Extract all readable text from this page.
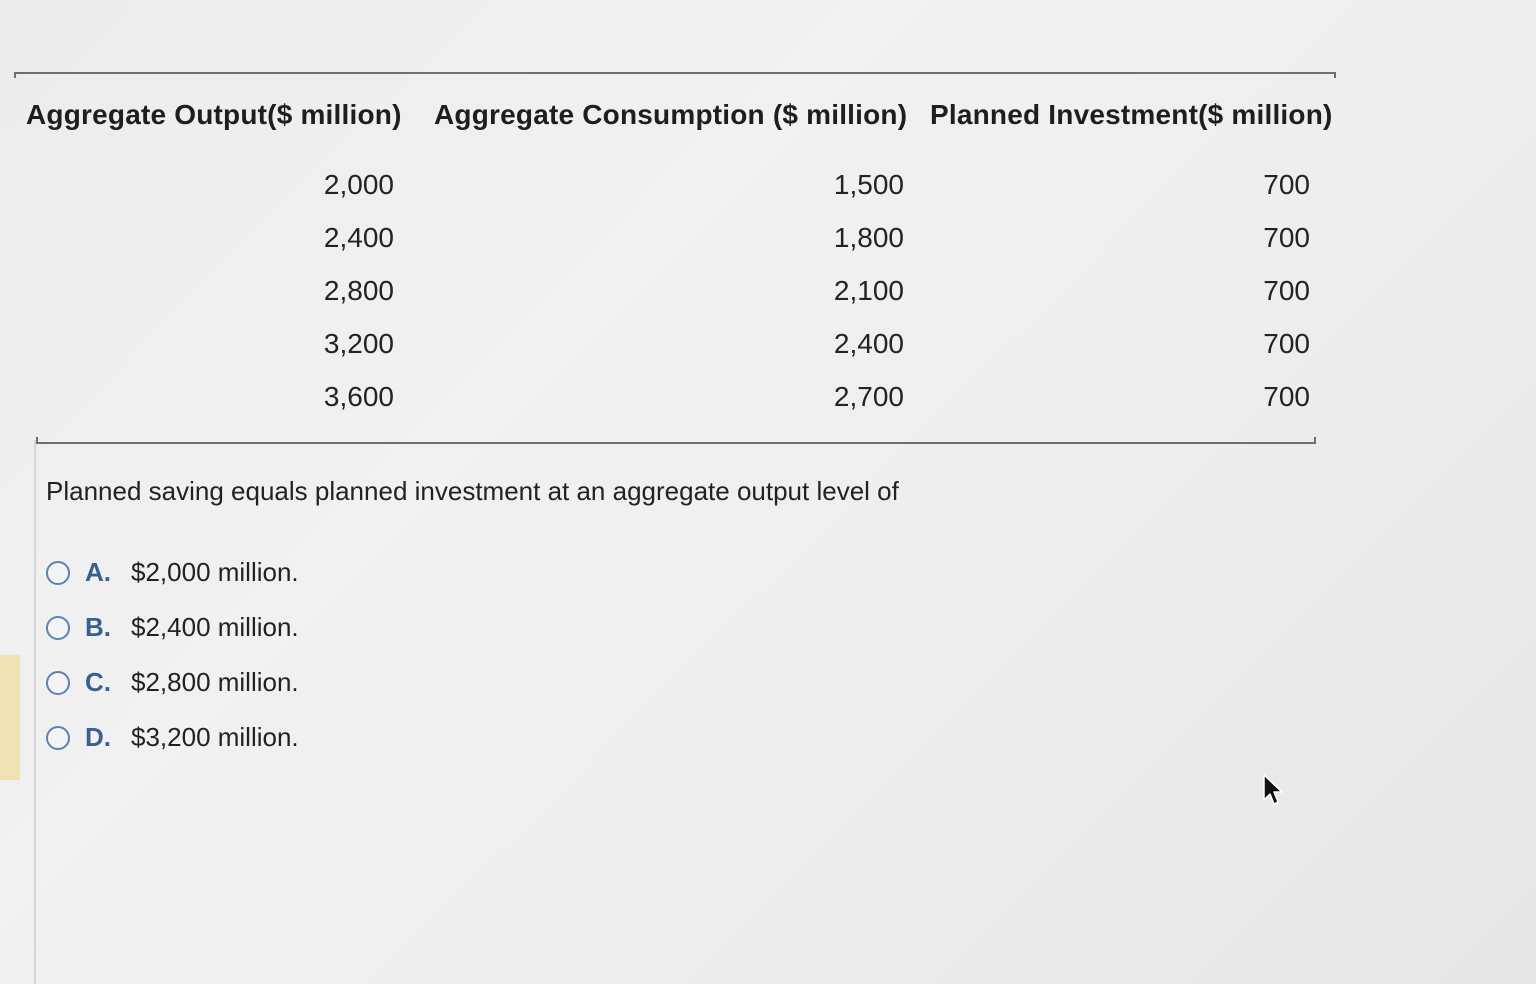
Aggregate Output($ million) Aggregate Consumption ($ million) Planned Investment($ million)
2,000
2,400
2,800
3,200
3,600
1,500
1,800
2,100
2,400
2,700
700
700
700
700
700
Planned saving equals planned investment at an aggregate output level of
A. $2,000 million.
B. $2,400 million.
C. $2,800 million.
D. $3,200 million.
